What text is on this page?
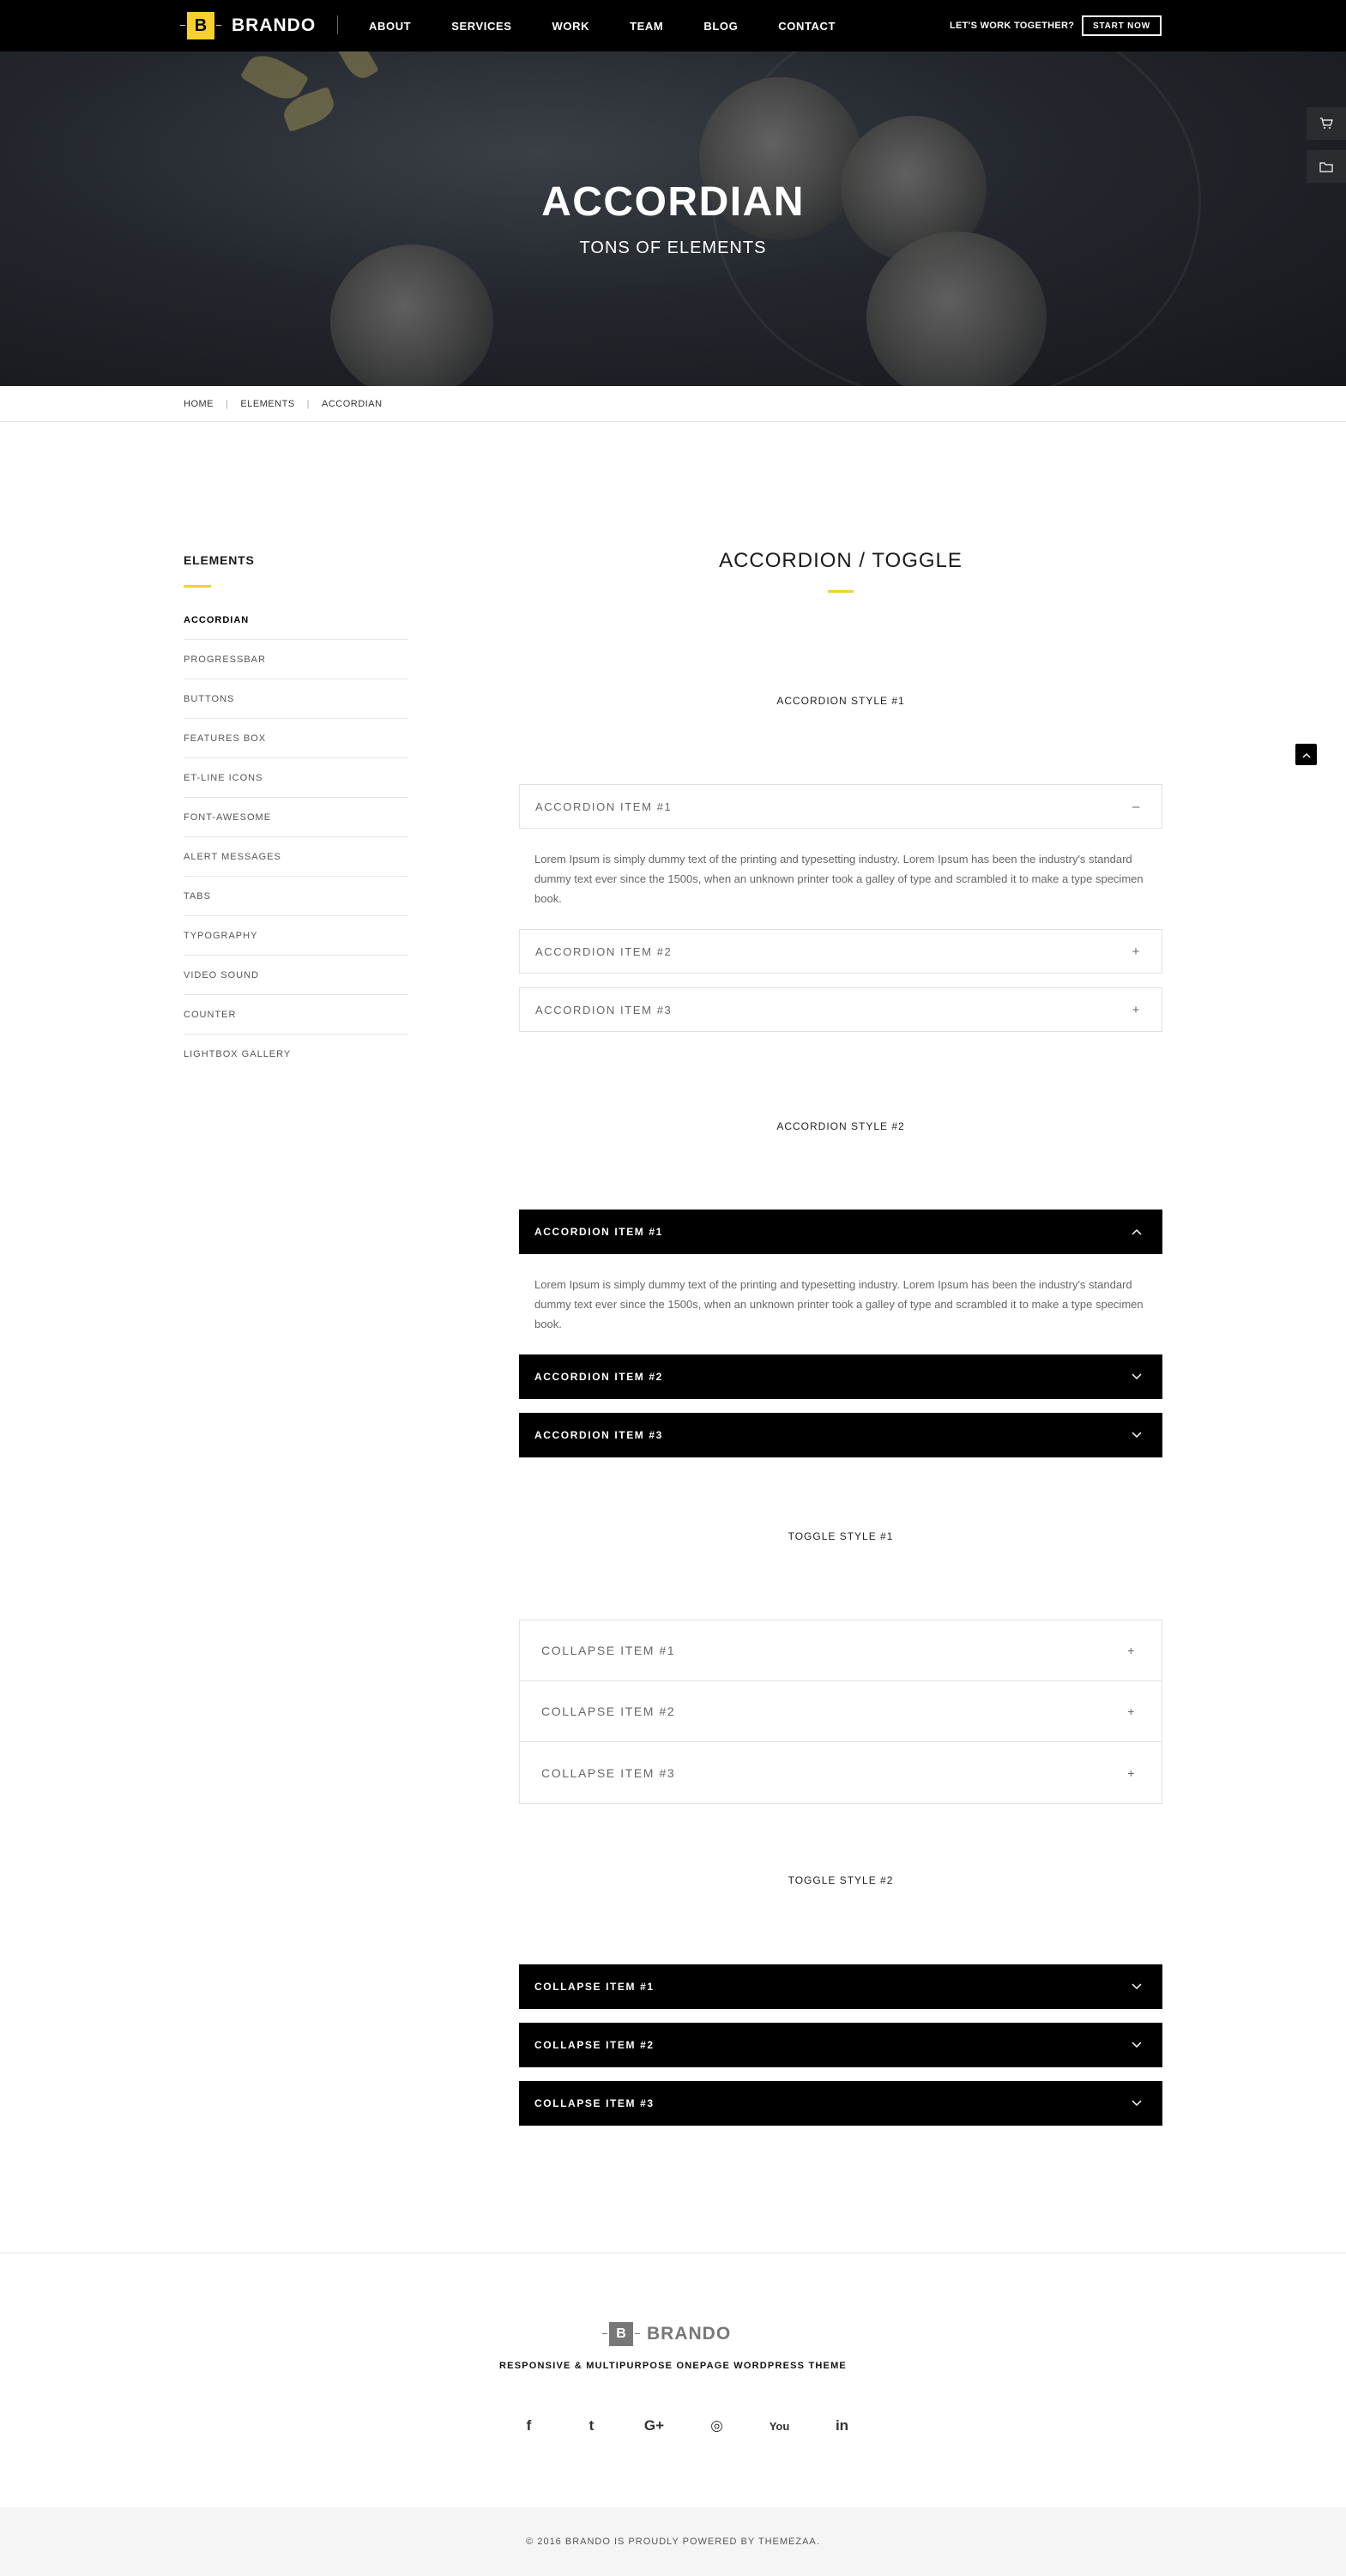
B	BRANDO	ABOUT	SERVICES	WORK	TEAM	BLOG	CONTACT	LET'S WORK TOGETHER?	START NOW
ACCORDIAN
TONS OF ELEMENTS
HOME | ELEMENTS | ACCORDIAN
ELEMENTS
ACCORDIAN
PROGRESSBAR
BUTTONS
FEATURES BOX
ET-LINE ICONS
FONT-AWESOME
ALERT MESSAGES
TABS
TYPOGRAPHY
VIDEO SOUND
COUNTER
LIGHTBOX GALLERY
ACCORDION / TOGGLE
ACCORDION STYLE #1
ACCORDION ITEM #1	–
Lorem Ipsum is simply dummy text of the printing and typesetting industry. Lorem Ipsum has been the industry's standard dummy text ever since the 1500s, when an unknown printer took a galley of type and scrambled it to make a type specimen book.
ACCORDION ITEM #2	+
ACCORDION ITEM #3	+
ACCORDION STYLE #2
ACCORDION ITEM #1
Lorem Ipsum is simply dummy text of the printing and typesetting industry. Lorem Ipsum has been the industry's standard dummy text ever since the 1500s, when an unknown printer took a galley of type and scrambled it to make a type specimen book.
ACCORDION ITEM #2
ACCORDION ITEM #3
TOGGLE STYLE #1
COLLAPSE ITEM #1	+
COLLAPSE ITEM #2	+
COLLAPSE ITEM #3	+
TOGGLE STYLE #2
COLLAPSE ITEM #1
COLLAPSE ITEM #2
COLLAPSE ITEM #3
B	BRANDO
RESPONSIVE & MULTIPURPOSE ONEPAGE WORDPRESS THEME
f	t	G+	◎	You	in
© 2016 BRANDO IS PROUDLY POWERED BY THEMEZAA.
